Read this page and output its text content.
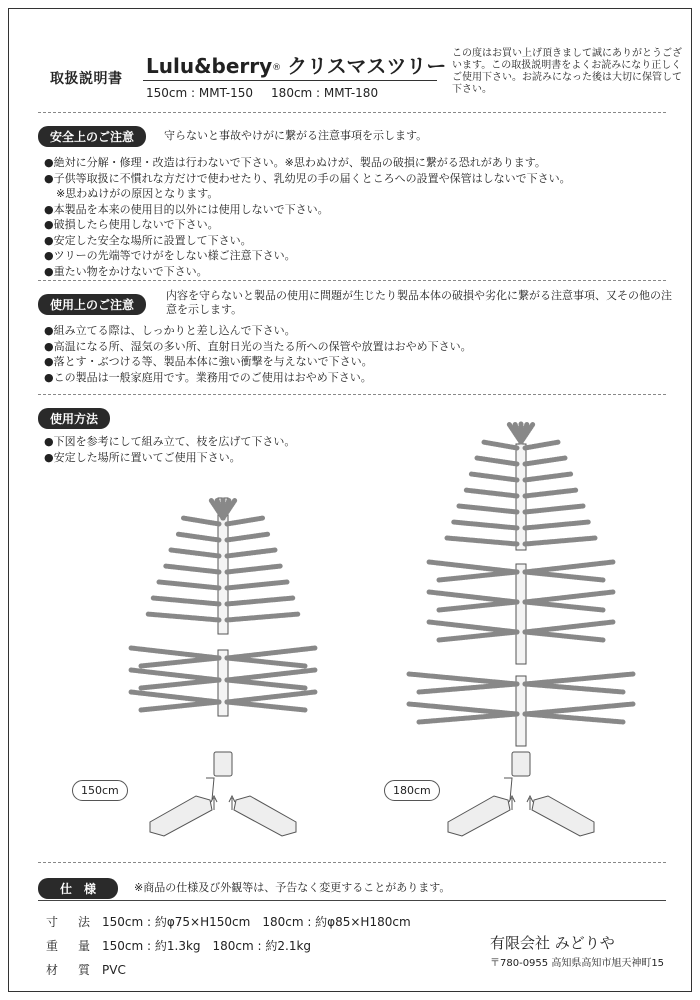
取扱説明書
Lulu&berry® クリスマスツリー
150cm : MMT-150 180cm : MMT-180
この度はお買い上げ頂きまして誠にありがとうございます。この取扱説明書をよくお読みになり正しくご使用下さい。お読みになった後は大切に保管して下さい。
安全上のご注意	守らないと事故やけがに繋がる注意事項を示します。
●絶対に分解・修理・改造は行わないで下さい。※思わぬけが、製品の破損に繋がる恐れがあります。
●子供等取扱に不慣れな方だけで使わせたり、乳幼児の手の届くところへの設置や保管はしないで下さい。
※思わぬけがの原因となります。
●本製品を本来の使用目的以外には使用しないで下さい。
●破損したら使用しないで下さい。
●安定した安全な場所に設置して下さい。
●ツリーの先端等でけがをしない様ご注意下さい。
●重たい物をかけないで下さい。
使用上のご注意
内容を守らないと製品の使用に問題が生じたり製品本体の破損や劣化に繋がる注意事項、又その他の注意を示します。
●組み立てる際は、しっかりと差し込んで下さい。
●高温になる所、湿気の多い所、直射日光の当たる所への保管や放置はおやめ下さい。
●落とす・ぶつける等、製品本体に強い衝撃を与えないで下さい。
●この製品は一般家庭用です。業務用でのご使用はおやめ下さい。
使用方法
●下図を参考にして組み立て、枝を広げて下さい。
●安定した場所に置いてご使用下さい。
150cm	180cm
仕　様	※商品の仕様及び外観等は、予告なく変更することがあります。
寸　法 150cm : 約φ75×H150cm　180cm : 約φ85×H180cm
重　量 150cm : 約1.3kg　180cm : 約2.1kg
材　質 PVC
有限会社 みどりや
〒780-0955 高知県高知市旭天神町15
